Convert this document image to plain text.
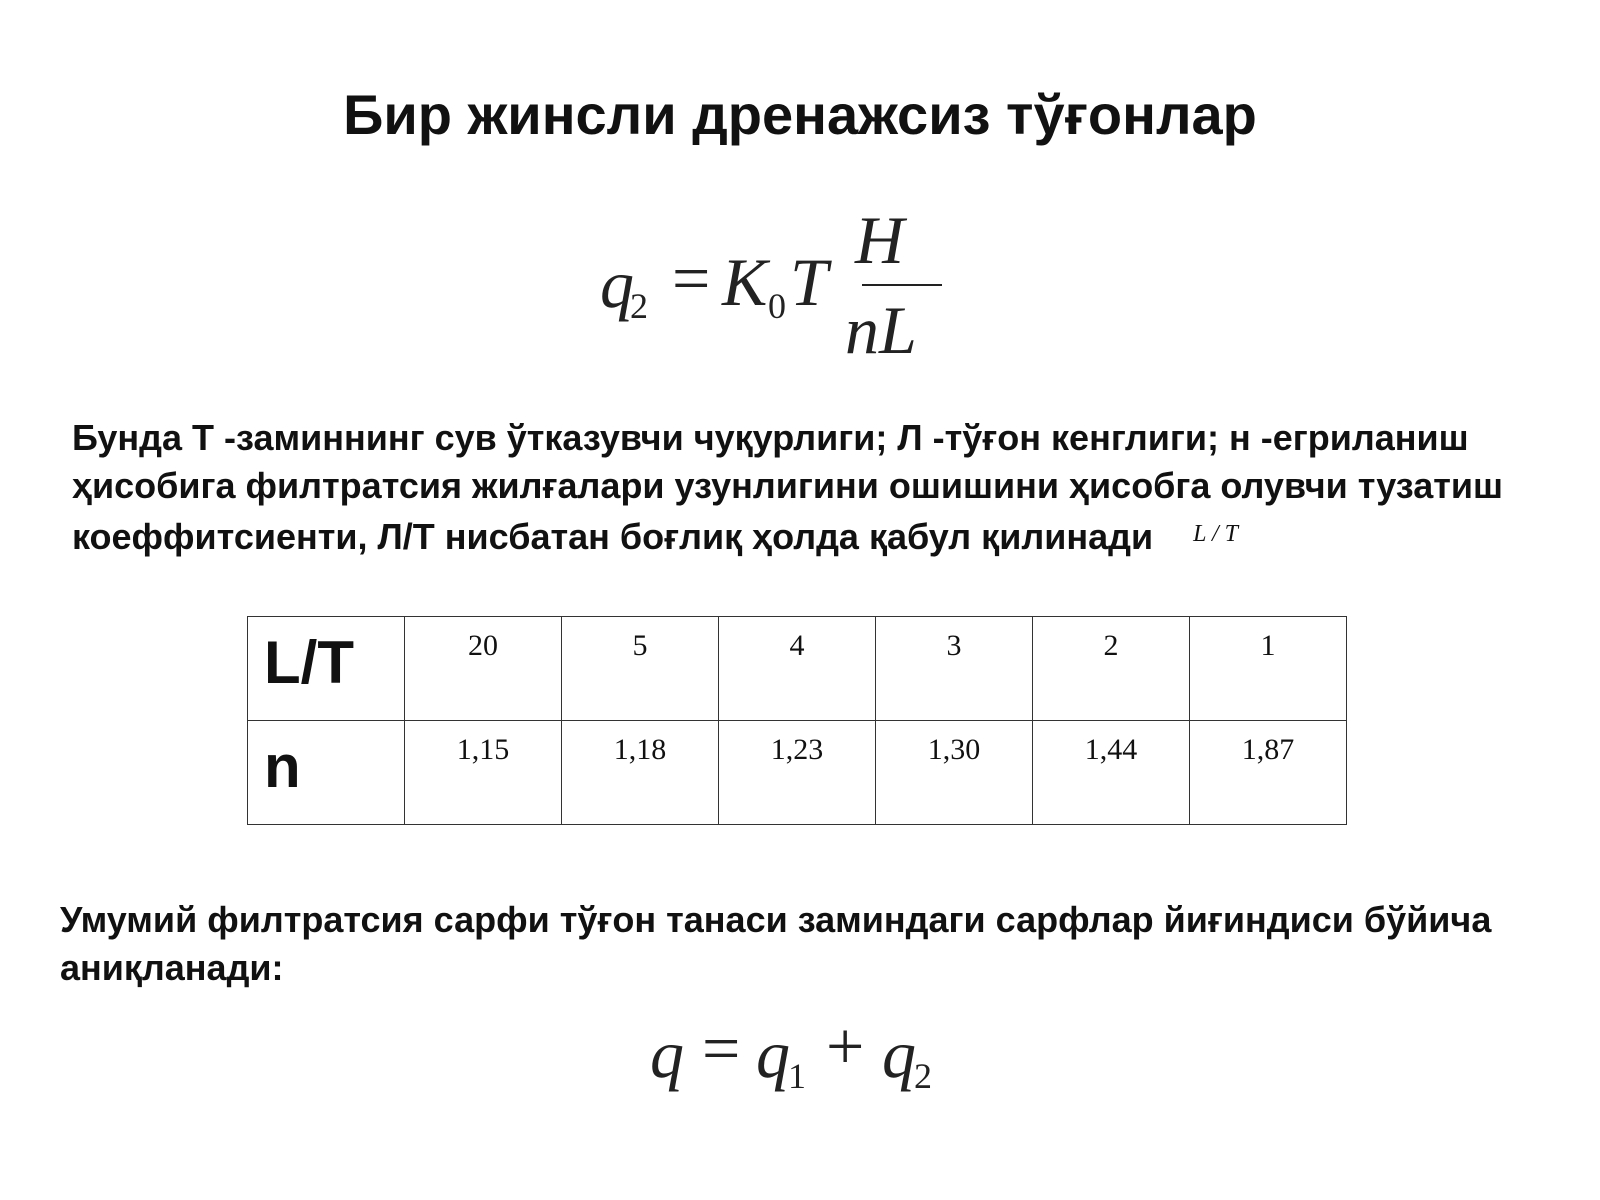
Бир жинсли дренажсиз тўғонлар
q
2 = K 0 T
H
nL
Бунда Т -заминнинг сув ўтказувчи чуқурлиги; Л -тўғон кенглиги; н -егриланиш ҳисобига филтратсия жилғалари узунлигини ошишини ҳисобга олувчи тузатиш коеффитсиенти, Л/Т нисбатан боғлиқ ҳолда қабул қилинади $^{L / T}$
L/T	20	5	4	3	2	1
n	1,15	1,18	1,23	1,30	1,44	1,87
Умумий филтратсия сарфи тўғон танаси заминдаги сарфлар йиғиндиси бўйича аниқланади:
q = q
1 + q
2
